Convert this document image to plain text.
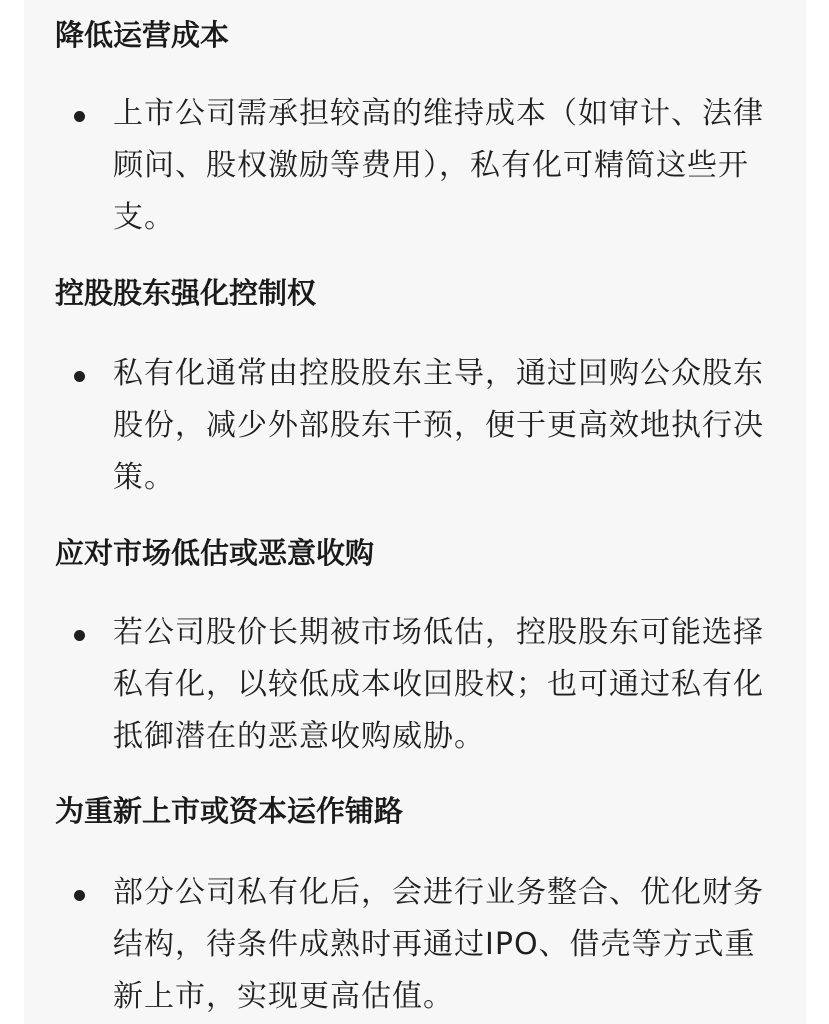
降低运营成本

上市公司需承担较高的维持成本（如审计、法律顾问、股权激励等费用），私有化可精简这些开支。

控股股东强化控制权

私有化通常由控股股东主导，通过回购公众股东股份，减少外部股东干预，便于更高效地执行决策。

应对市场低估或恶意收购

若公司股价长期被市场低估，控股股东可能选择私有化，以较低成本收回股权；也可通过私有化抵御潜在的恶意收购威胁。

为重新上市或资本运作铺路

部分公司私有化后，会进行业务整合、优化财务结构，待条件成熟时再通过IPO、借壳等方式重新上市，实现更高估值。
